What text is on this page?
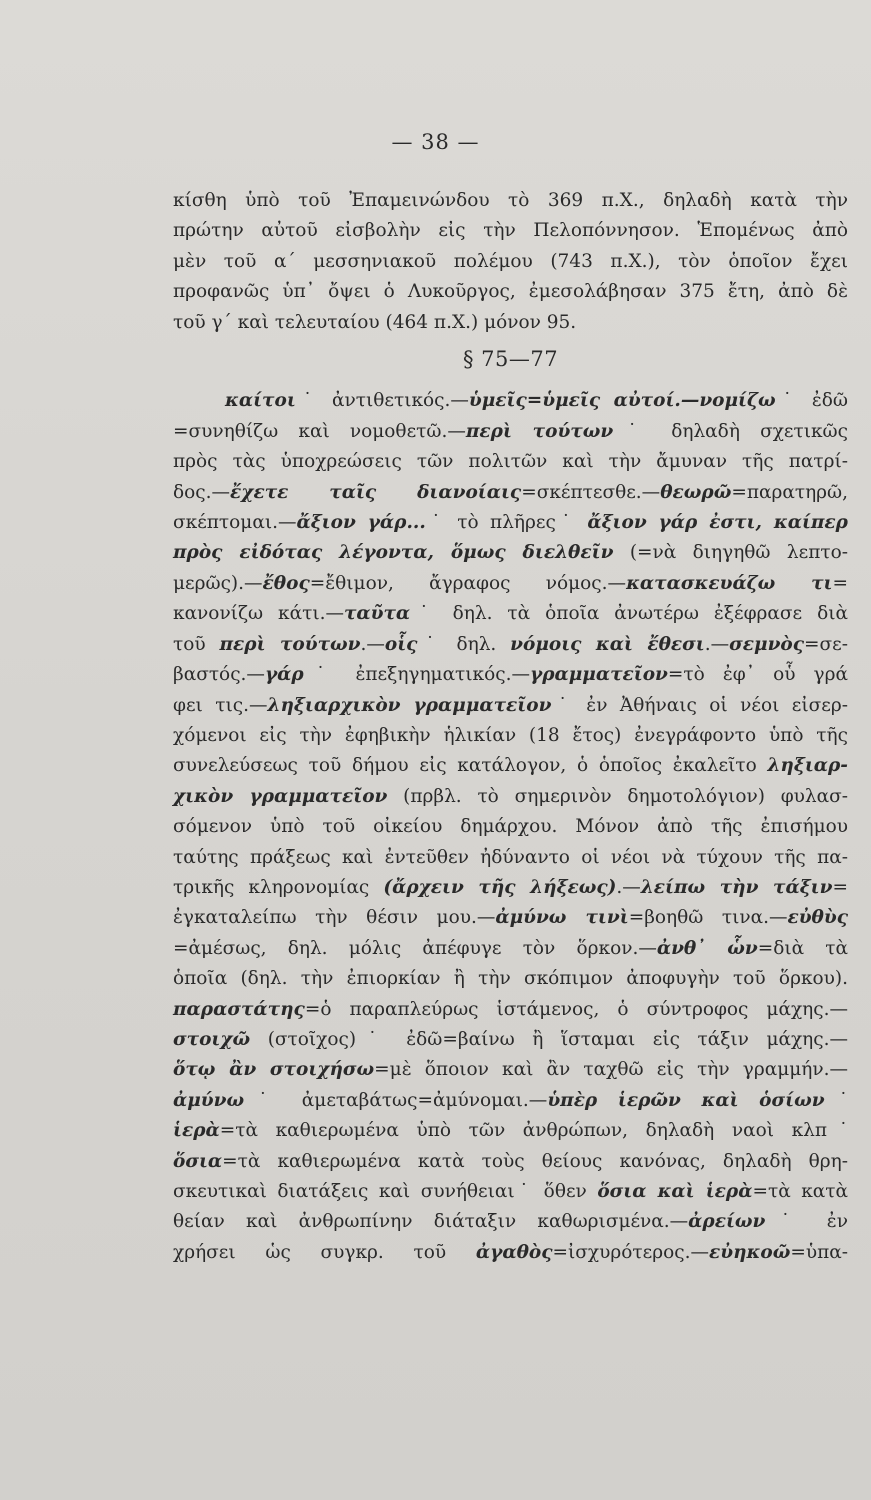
— 38 —
κίσθη ὑπὸ τοῦ Ἐπαμεινώνδου τὸ 369 π.Χ., δηλαδὴ κατὰ τὴν
πρώτην αὐτοῦ εἰσβολὴν εἰς τὴν Πελοπόννησον. Ἑπομένως ἀπὸ
μὲν τοῦ α΄ μεσσηνιακοῦ πολέμου (743 π.Χ.), τὸν ὁποῖον ἔχει
προφανῶς ὑπ᾽ ὄψει ὁ Λυκοῦργος, ἐμεσολάβησαν 375 ἔτη, ἀπὸ δὲ
τοῦ γ΄ καὶ τελευταίου (464 π.Χ.) μόνον 95.
§ 75—77
καίτοι˙ ἀντιθετικός.—ὑμεῖς=ὑμεῖς αὐτοί.—νομίζω˙ ἐδῶ
=συνηθίζω καὶ νομοθετῶ.—περὶ τούτων˙ δηλαδὴ σχετικῶς
πρὸς τὰς ὑποχρεώσεις τῶν πολιτῶν καὶ τὴν ἄμυναν τῆς πατρί-
δος.—ἔχετε ταῖς διανοίαις=σκέπτεσθε.—θεωρῶ=παρατηρῶ,
σκέπτομαι.—ἄξιον γάρ...˙ τὸ πλῆρες˙ ἄξιον γάρ ἐστι, καίπερ
πρὸς εἰδότας λέγοντα, ὅμως διελθεῖν (=νὰ διηγηθῶ λεπτο-
μερῶς).—ἔθος=ἔθιμον, ἄγραφος νόμος.—κατασκευάζω τι=
κανονίζω κάτι.—ταῦτα˙ δηλ. τὰ ὁποῖα ἀνωτέρω ἐξέφρασε διὰ
τοῦ περὶ τούτων.—οἷς˙ δηλ. νόμοις καὶ ἔθεσι.—σεμνὸς=σε-
βαστός.—γάρ˙ ἐπεξηγηματικός.—γραμματεῖον=τὸ ἐφ᾽ οὗ γρά
φει τις.—ληξιαρχικὸν γραμματεῖον˙ ἐν Ἀθήναις οἱ νέοι εἰσερ-
χόμενοι εἰς τὴν ἐφηβικὴν ἡλικίαν (18 ἔτος) ἐνεγράφοντο ὑπὸ τῆς
συνελεύσεως τοῦ δήμου εἰς κατάλογον, ὁ ὁποῖος ἐκαλεῖτο ληξιαρ-
χικὸν γραμματεῖον (πρβλ. τὸ σημερινὸν δημοτολόγιον) φυλασ-
σόμενον ὑπὸ τοῦ οἰκείου δημάρχου. Μόνον ἀπὸ τῆς ἐπισήμου
ταύτης πράξεως καὶ ἐντεῦθεν ἠδύναντο οἱ νέοι νὰ τύχουν τῆς πα-
τρικῆς κληρονομίας (ἄρχειν τῆς λήξεως).—λείπω τὴν τάξιν=
ἐγκαταλείπω τὴν θέσιν μου.—ἀμύνω τινὶ=βοηθῶ τινα.—εὐθὺς
=ἀμέσως, δηλ. μόλις ἀπέφυγε τὸν ὅρκον.—ἀνθ᾽ ὧν=διὰ τὰ
ὁποῖα (δηλ. τὴν ἐπιορκίαν ἢ τὴν σκόπιμον ἀποφυγὴν τοῦ ὅρκου).
παραστάτης=ὁ παραπλεύρως ἱστάμενος, ὁ σύντροφος μάχης.—
στοιχῶ (στοῖχος)˙ ἐδῶ=βαίνω ἢ ἵσταμαι εἰς τάξιν μάχης.—
ὅτῳ ἂν στοιχήσω=μὲ ὅποιον καὶ ἂν ταχθῶ εἰς τὴν γραμμήν.—
ἀμύνω˙ ἀμεταβάτως=ἀμύνομαι.—ὑπὲρ ἱερῶν καὶ ὁσίων˙
ἱερὰ=τὰ καθιερωμένα ὑπὸ τῶν ἀνθρώπων, δηλαδὴ ναοὶ κλπ˙
ὅσια=τὰ καθιερωμένα κατὰ τοὺς θείους κανόνας, δηλαδὴ θρη-
σκευτικαὶ διατάξεις καὶ συνήθειαι˙ ὅθεν ὅσια καὶ ἱερὰ=τὰ κατὰ
θείαν καὶ ἀνθρωπίνην διάταξιν καθωρισμένα.—ἀρείων˙ ἐν
χρήσει ὡς συγκρ. τοῦ ἀγαθὸς=ἰσχυρότερος.—εὐηκοῶ=ὑπα-
